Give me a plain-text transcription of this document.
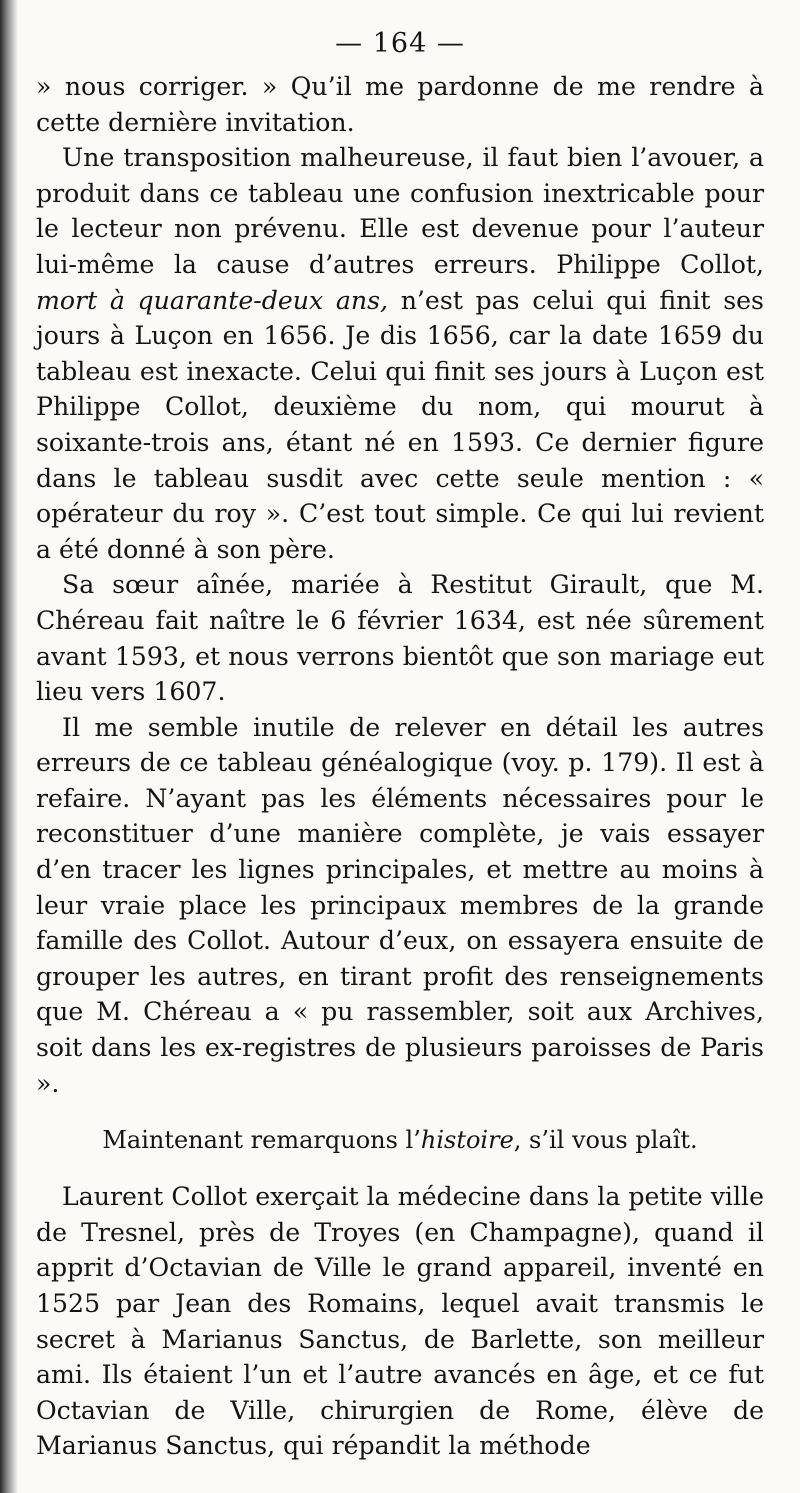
— 164 —

» nous corriger. » Qu’il me pardonne de me rendre à cette dernière invitation.

Une transposition malheureuse, il faut bien l’avouer, a produit dans ce tableau une confusion inextricable pour le lecteur non prévenu. Elle est devenue pour l’auteur lui-même la cause d’autres erreurs. Philippe Collot, mort à quarante-deux ans, n’est pas celui qui finit ses jours à Luçon en 1656. Je dis 1656, car la date 1659 du tableau est inexacte. Celui qui finit ses jours à Luçon est Philippe Collot, deuxième du nom, qui mourut à soixante-trois ans, étant né en 1593. Ce dernier figure dans le tableau susdit avec cette seule mention : « opérateur du roy ». C’est tout simple. Ce qui lui revient a été donné à son père.

Sa sœur aînée, mariée à Restitut Girault, que M. Chéreau fait naître le 6 février 1634, est née sûrement avant 1593, et nous verrons bientôt que son mariage eut lieu vers 1607.

Il me semble inutile de relever en détail les autres erreurs de ce tableau généalogique (voy. p. 179). Il est à refaire. N’ayant pas les éléments nécessaires pour le reconstituer d’une manière complète, je vais essayer d’en tracer les lignes principales, et mettre au moins à leur vraie place les principaux membres de la grande famille des Collot. Autour d’eux, on essayera ensuite de grouper les autres, en tirant profit des renseignements que M. Chéreau a « pu rassembler, soit aux Archives, soit dans les ex-registres de plusieurs paroisses de Paris ».

Maintenant remarquons l’histoire, s’il vous plaît.

Laurent Collot exerçait la médecine dans la petite ville de Tresnel, près de Troyes (en Champagne), quand il apprit d’Octavian de Ville le grand appareil, inventé en 1525 par Jean des Romains, lequel avait transmis le secret à Marianus Sanctus, de Barlette, son meilleur ami. Ils étaient l’un et l’autre avancés en âge, et ce fut Octavian de Ville, chirurgien de Rome, élève de Marianus Sanctus, qui répandit la méthode
